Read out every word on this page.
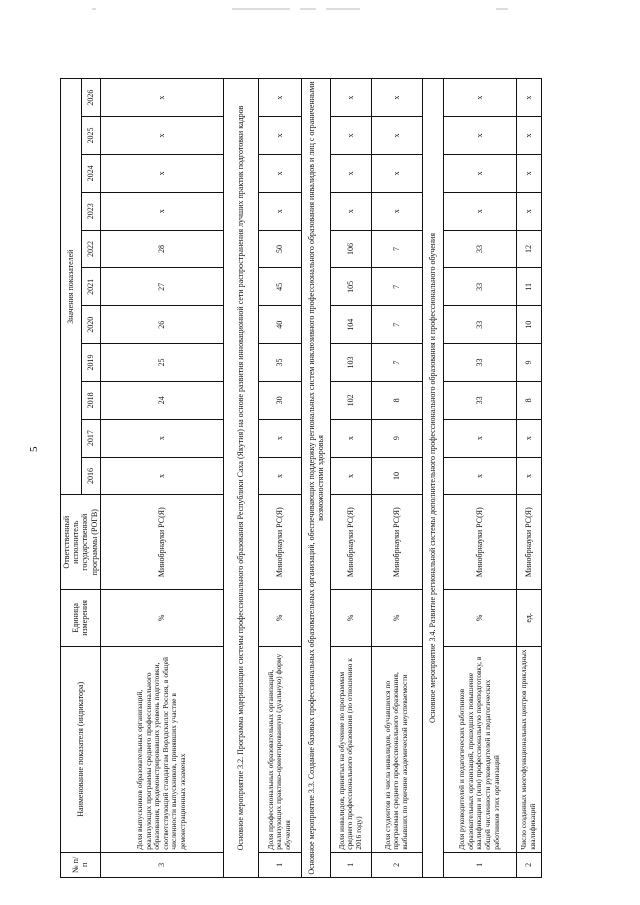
5
№ п/п	Наименование показателя (индикатора)	Единица измерения	Ответственный исполнитель государственной программы (РОГВ)	Значения показателей										
				2016	2017	2018	2019	2020	2021	2022	2023	2024	2025	2026
3	Доля выпускников образовательных организаций, реализующих программы среднего профессионального образования, продемонстрировавших уровень подготовки, соответствующий стандартам Ворлдскиллс Россия, в общей численности выпускников, принявших участие в демонстрационных экзаменах	%	Минобрнауки РС(Я)	x	x	24	25	26	27	28	x	x	x	x
Основное мероприятие 3.2. Программа модернизации системы профессионального образования Республики Саха (Якутия) на основе развития инновационной сети распространения лучших практик подготовки кадров														
1	Доля профессиональных образовательных организаций, реализующих практико-ориентированную (дуальную) форму обучения	%	Минобрнауки РС(Я)	x	x	30	35	40	45	50	x	x	x	x
Основное мероприятие 3.3. Создание базовых профессиональных образовательных организаций, обеспечивающих поддержку региональных систем инклюзивного профессионального образования инвалидов и лиц с ограниченными возможностями здоровья														
1	Доля инвалидов, принятых на обучение по программам среднего профессионального образования (по отношению к 2016 году)	%	Минобрнауки РС(Я)	x	x	102	103	104	105	106	x	x	x	x
2	Доля студентов из числа инвалидов, обучавшихся по программам среднего профессионального образования, выбывших по причине академической неуспеваемости	%	Минобрнауки РС(Я)	10	9	8	7	7	7	7	x	x	x	x
Основное мероприятие 3.4. Развитие региональной системы дополнительного профессионального образования и профессионального обучения														
1	Доля руководителей и педагогических работников образовательных организаций, прошедших повышение квалификации и (или) профессиональную переподготовку, в общей численности руководителей и педагогических работников этих организаций	%	Минобрнауки РС(Я)	x	x	33	33	33	33	33	x	x	x	x
2	Число созданных многофункциональных центров прикладных квалификаций	ед.	Минобрнауки РС(Я)	x	x	8	9	10	11	12	x	x	x	x
